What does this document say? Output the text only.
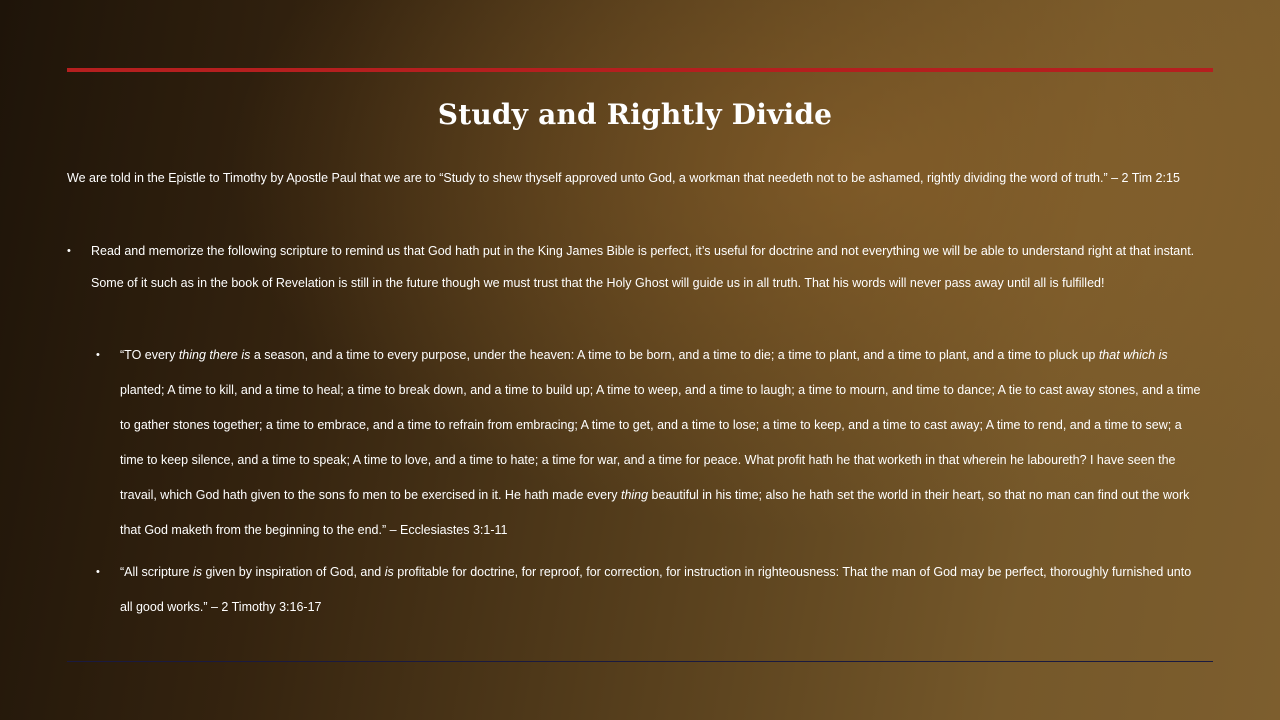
Study and Rightly Divide

We are told in the Epistle to Timothy by Apostle Paul that we are to “Study to shew thyself approved unto God, a workman that needeth not to be ashamed, rightly dividing the word of truth.” – 2 Tim 2:15

• Read and memorize the following scripture to remind us that God hath put in the King James Bible is perfect, it’s useful for doctrine and not everything we will be able to understand right at that instant. Some of it such as in the book of Revelation is still in the future though we must trust that the Holy Ghost will guide us in all truth. That his words will never pass away until all is fulfilled!
• “TO every thing there is a season, and a time to every purpose, under the heaven: A time to be born, and a time to die; a time to plant, and a time to plant, and a time to pluck up that which is planted; A time to kill, and a time to heal; a time to break down, and a time to build up; A time to weep, and a time to laugh; a time to mourn, and time to dance; A tie to cast away stones, and a time to gather stones together; a time to embrace, and a time to refrain from embracing; A time to get, and a time to lose; a time to keep, and a time to cast away; A time to rend, and a time to sew; a time to keep silence, and a time to speak; A time to love, and a time to hate; a time for war, and a time for peace. What profit hath he that worketh in that wherein he laboureth? I have seen the travail, which God hath given to the sons fo men to be exercised in it. He hath made every thing beautiful in his time; also he hath set the world in their heart, so that no man can find out the work that God maketh from the beginning to the end.” – Ecclesiastes 3:1-11
• “All scripture is given by inspiration of God, and is profitable for doctrine, for reproof, for correction, for instruction in righteousness: That the man of God may be perfect, thoroughly furnished unto all good works.” – 2 Timothy 3:16-17
